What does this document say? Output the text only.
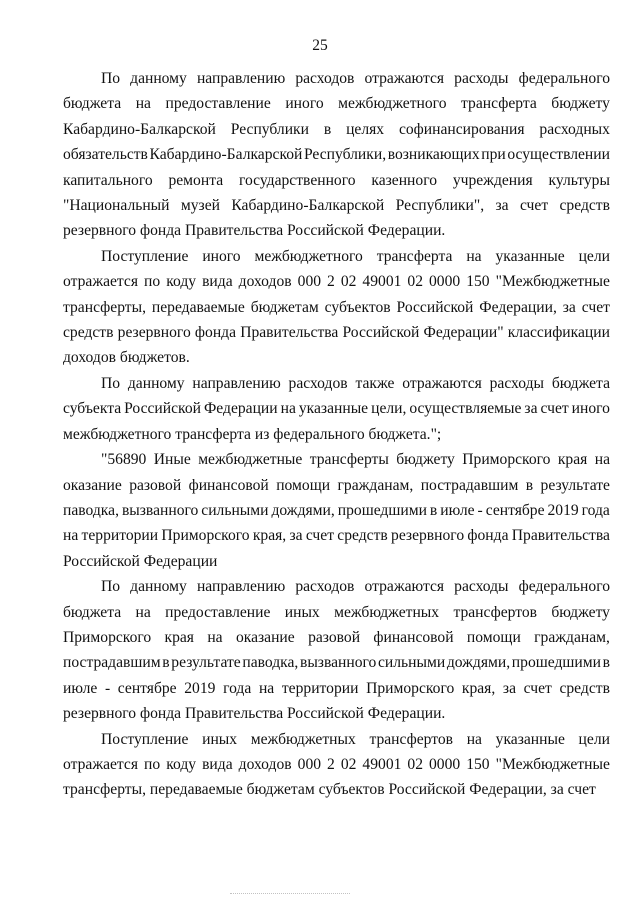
25
По данному направлению расходов отражаются расходы федерального
бюджета на предоставление иного межбюджетного трансферта бюджету
Кабардино-Балкарской Республики в целях софинансирования расходных
обязательств Кабардино-Балкарской Республики, возникающих при осуществлении
капитального ремонта государственного казенного учреждения культуры
"Национальный музей Кабардино-Балкарской Республики", за счет средств
резервного фонда Правительства Российской Федерации.
Поступление иного межбюджетного трансферта на указанные цели
отражается по коду вида доходов 000 2 02 49001 02 0000 150 "Межбюджетные
трансферты, передаваемые бюджетам субъектов Российской Федерации, за счет
средств резервного фонда Правительства Российской Федерации" классификации
доходов бюджетов.
По данному направлению расходов также отражаются расходы бюджета
субъекта Российской Федерации на указанные цели, осуществляемые за счет иного
межбюджетного трансферта из федерального бюджета.";
"56890 Иные межбюджетные трансферты бюджету Приморского края на
оказание разовой финансовой помощи гражданам, пострадавшим в результате
паводка, вызванного сильными дождями, прошедшими в июле - сентябре 2019 года
на территории Приморского края, за счет средств резервного фонда Правительства
Российской Федерации
По данному направлению расходов отражаются расходы федерального
бюджета на предоставление иных межбюджетных трансфертов бюджету
Приморского края на оказание разовой финансовой помощи гражданам,
пострадавшим в результате паводка, вызванного сильными дождями, прошедшими в
июле - сентябре 2019 года на территории Приморского края, за счет средств
резервного фонда Правительства Российской Федерации.
Поступление иных межбюджетных трансфертов на указанные цели
отражается по коду вида доходов 000 2 02 49001 02 0000 150 "Межбюджетные
трансферты, передаваемые бюджетам субъектов Российской Федерации, за счет
